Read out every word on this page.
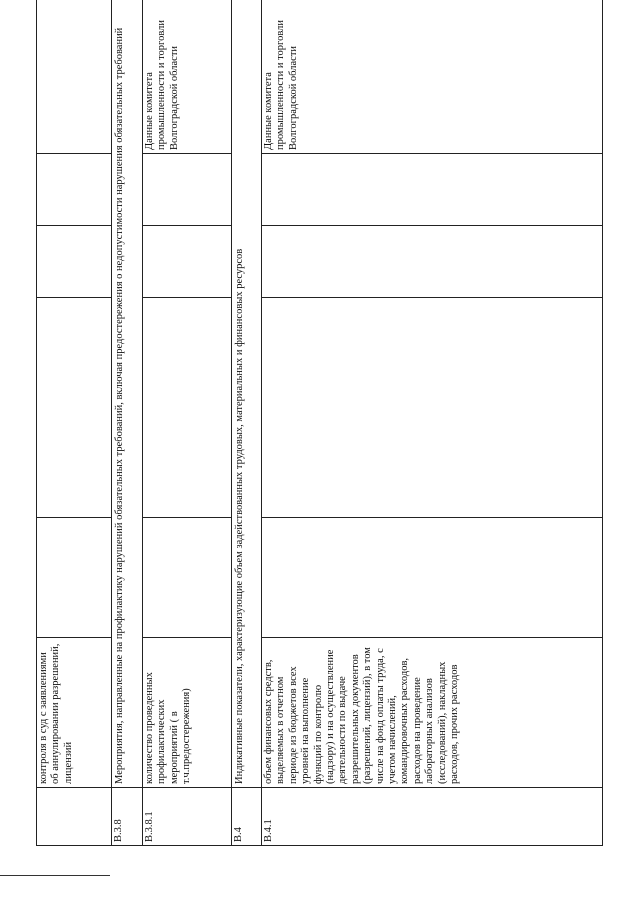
	контроля в суд с заявлениями об аннулировании разрешений, лицензий					
В.3.8	Мероприятия, направленные на профилактику нарушений обязательных требований, включая предостережения о недопустимости нарушения обязательных требований					
В.3.8.1	количество проведенных профилактических мероприятий ( в т.ч.предостережения)					Данные комитета промышленности и торговли Волгоградской области
В.4	Индикативные показатели, характеризующие объем задействованных трудовых, материальных и финансовых ресурсов					
В.4.1	объем финансовых средств, выделяемых в отчетном периоде из бюджетов всех уровней на выполнение функций по контролю (надзору) и на осуществление деятельности по выдаче разрешительных документов (разрешений, лицензий), в том числе на фонд оплаты труда, с учетом начислений, командировочных расходов, расходов на проведение лабораторных анализов (исследований), накладных расходов, прочих расходов					Данные комитета промышленности и торговли Волгоградской области
